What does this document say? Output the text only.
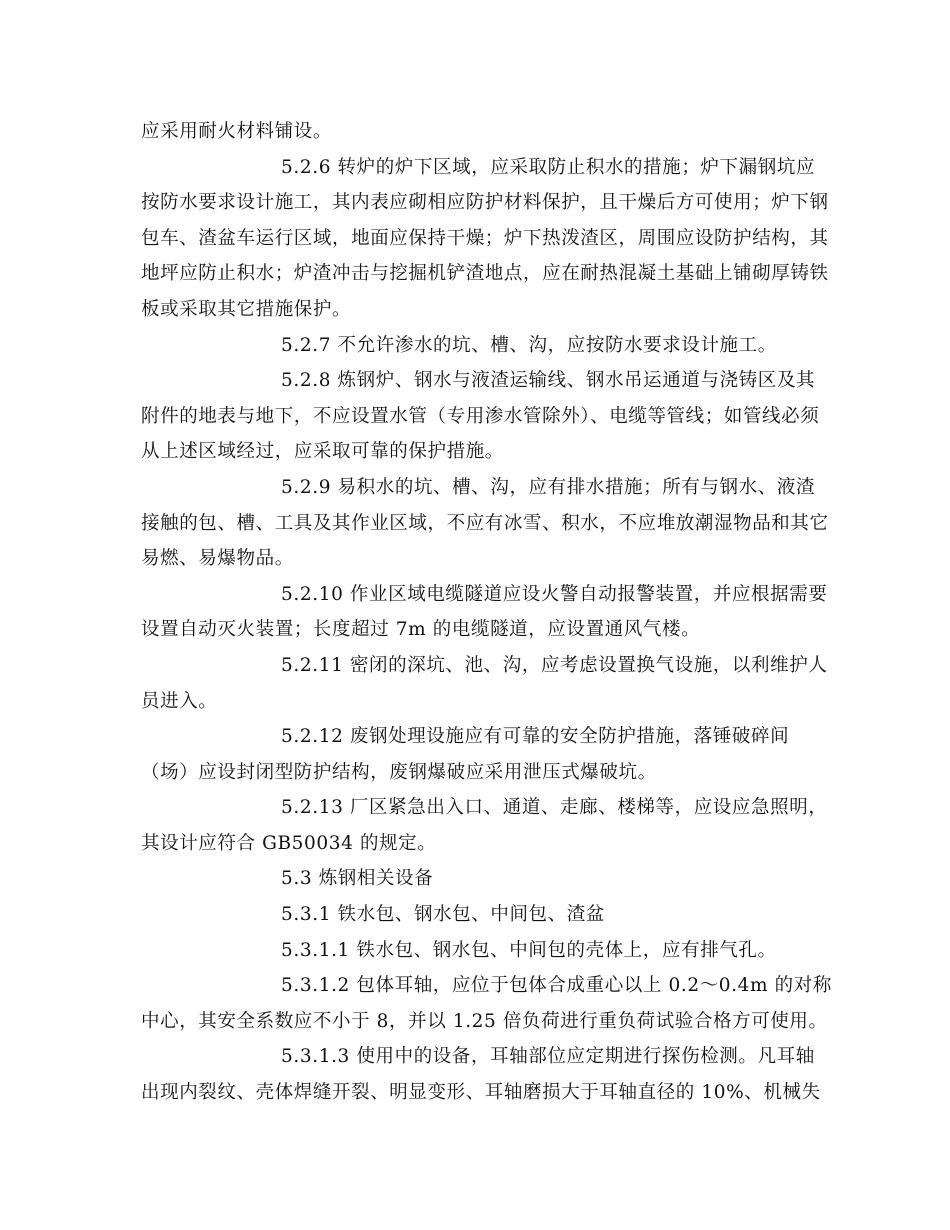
应采用耐火材料铺设。
5.2.6 转炉的炉下区域，应采取防止积水的措施；炉下漏钢坑应
按防水要求设计施工，其内表应砌相应防护材料保护，且干燥后方可使用；炉下钢
包车、渣盆车运行区域，地面应保持干燥；炉下热泼渣区，周围应设防护结构，其
地坪应防止积水；炉渣冲击与挖掘机铲渣地点，应在耐热混凝土基础上铺砌厚铸铁
板或采取其它措施保护。
5.2.7 不允许渗水的坑、槽、沟，应按防水要求设计施工。
5.2.8 炼钢炉、钢水与液渣运输线、钢水吊运通道与浇铸区及其
附件的地表与地下，不应设置水管（专用渗水管除外）、电缆等管线；如管线必须
从上述区域经过，应采取可靠的保护措施。
5.2.9 易积水的坑、槽、沟，应有排水措施；所有与钢水、液渣
接触的包、槽、工具及其作业区域，不应有冰雪、积水，不应堆放潮湿物品和其它
易燃、易爆物品。
5.2.10 作业区域电缆隧道应设火警自动报警装置，并应根据需要
设置自动灭火装置；长度超过 7m 的电缆隧道，应设置通风气楼。
5.2.11 密闭的深坑、池、沟，应考虑设置换气设施，以利维护人
员进入。
5.2.12 废钢处理设施应有可靠的安全防护措施，落锤破碎间
（场）应设封闭型防护结构，废钢爆破应采用泄压式爆破坑。
5.2.13 厂区紧急出入口、通道、走廊、楼梯等，应设应急照明，
其设计应符合 GB50034 的规定。
5.3 炼钢相关设备
5.3.1 铁水包、钢水包、中间包、渣盆
5.3.1.1 铁水包、钢水包、中间包的壳体上，应有排气孔。
5.3.1.2 包体耳轴，应位于包体合成重心以上 0.2～0.4m 的对称
中心，其安全系数应不小于 8，并以 1.25 倍负荷进行重负荷试验合格方可使用。
5.3.1.3 使用中的设备，耳轴部位应定期进行探伤检测。凡耳轴
出现内裂纹、壳体焊缝开裂、明显变形、耳轴磨损大于耳轴直径的 10%、机械失
